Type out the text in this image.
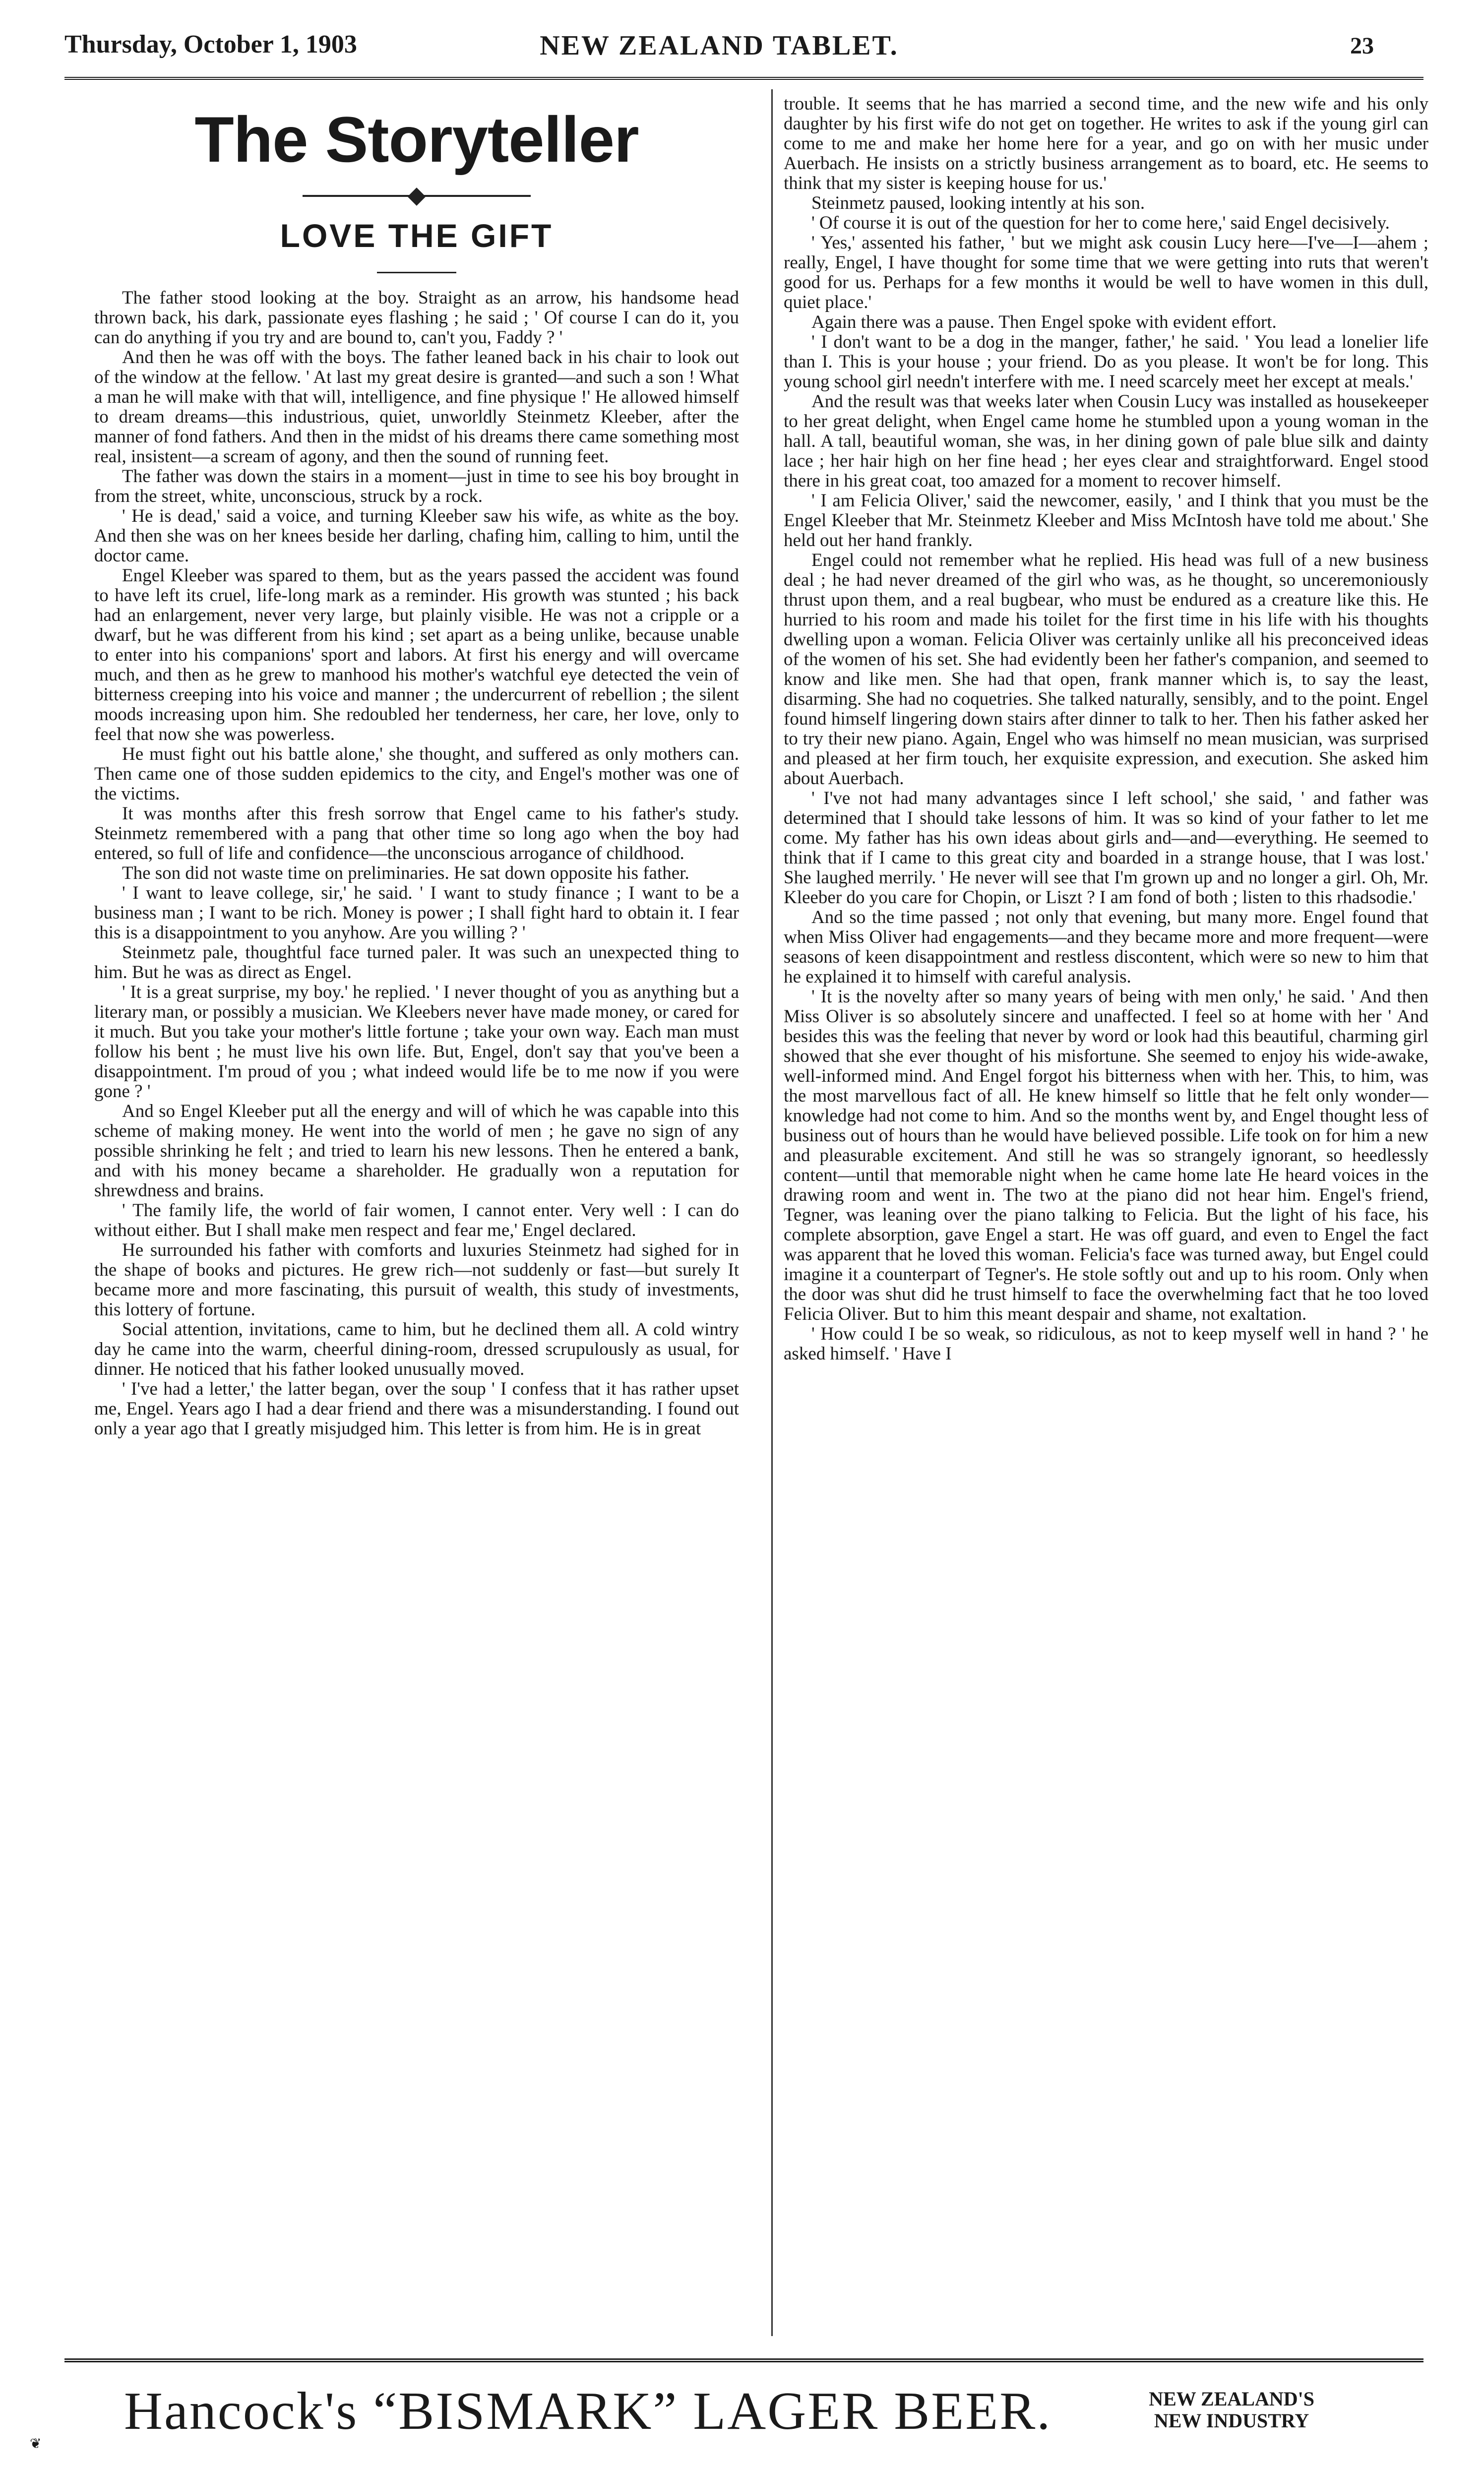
Thursday, October 1, 1903	NEW ZEALAND TABLET.	23
The Storyteller
◆
LOVE THE GIFT

The father stood looking at the boy. Straight as an arrow, his handsome head thrown back, his dark, passionate eyes flashing ; he said ; ' Of course I can do it, you can do anything if you try and are bound to, can't you, Faddy ? '

And then he was off with the boys. The father leaned back in his chair to look out of the window at the fellow. ' At last my great desire is granted—and such a son ! What a man he will make with that will, intelligence, and fine physique !' He allowed himself to dream dreams—this industrious, quiet, unworldly Steinmetz Kleeber, after the manner of fond fathers. And then in the midst of his dreams there came something most real, insistent—a scream of agony, and then the sound of running feet.

The father was down the stairs in a moment—just in time to see his boy brought in from the street, white, unconscious, struck by a rock.

' He is dead,' said a voice, and turning Kleeber saw his wife, as white as the boy. And then she was on her knees beside her darling, chafing him, calling to him, until the doctor came.

Engel Kleeber was spared to them, but as the years passed the accident was found to have left its cruel, life-long mark as a reminder. His growth was stunted ; his back had an enlargement, never very large, but plainly visible. He was not a cripple or a dwarf, but he was different from his kind ; set apart as a being unlike, because unable to enter into his companions' sport and labors. At first his energy and will overcame much, and then as he grew to manhood his mother's watchful eye detected the vein of bitterness creeping into his voice and manner ; the undercurrent of rebellion ; the silent moods increasing upon him. She redoubled her tenderness, her care, her love, only to feel that now she was powerless.

He must fight out his battle alone,' she thought, and suffered as only mothers can. Then came one of those sudden epidemics to the city, and Engel's mother was one of the victims.

It was months after this fresh sorrow that Engel came to his father's study. Steinmetz remembered with a pang that other time so long ago when the boy had entered, so full of life and confidence—the unconscious arrogance of childhood.

The son did not waste time on preliminaries. He sat down opposite his father.

' I want to leave college, sir,' he said. ' I want to study finance ; I want to be a business man ; I want to be rich. Money is power ; I shall fight hard to obtain it. I fear this is a disappointment to you anyhow. Are you willing ? '

Steinmetz pale, thoughtful face turned paler. It was such an unexpected thing to him. But he was as direct as Engel.

' It is a great surprise, my boy.' he replied. ' I never thought of you as anything but a literary man, or possibly a musician. We Kleebers never have made money, or cared for it much. But you take your mother's little fortune ; take your own way. Each man must follow his bent ; he must live his own life. But, Engel, don't say that you've been a disappointment. I'm proud of you ; what indeed would life be to me now if you were gone ? '

And so Engel Kleeber put all the energy and will of which he was capable into this scheme of making money. He went into the world of men ; he gave no sign of any possible shrinking he felt ; and tried to learn his new lessons. Then he entered a bank, and with his money became a shareholder. He gradually won a reputation for shrewdness and brains.

' The family life, the world of fair women, I cannot enter. Very well : I can do without either. But I shall make men respect and fear me,' Engel declared.

He surrounded his father with comforts and luxuries Steinmetz had sighed for in the shape of books and pictures. He grew rich—not suddenly or fast—but surely It became more and more fascinating, this pursuit of wealth, this study of investments, this lottery of fortune.

Social attention, invitations, came to him, but he declined them all. A cold wintry day he came into the warm, cheerful dining-room, dressed scrupulously as usual, for dinner. He noticed that his father looked unusually moved.

' I've had a letter,' the latter began, over the soup ' I confess that it has rather upset me, Engel. Years ago I had a dear friend and there was a misunderstanding. I found out only a year ago that I greatly misjudged him. This letter is from him. He is in great

trouble. It seems that he has married a second time, and the new wife and his only daughter by his first wife do not get on together. He writes to ask if the young girl can come to me and make her home here for a year, and go on with her music under Auerbach. He insists on a strictly business arrangement as to board, etc. He seems to think that my sister is keeping house for us.'

Steinmetz paused, looking intently at his son.

' Of course it is out of the question for her to come here,' said Engel decisively.

' Yes,' assented his father, ' but we might ask cousin Lucy here—I've—I—ahem ; really, Engel, I have thought for some time that we were getting into ruts that weren't good for us. Perhaps for a few months it would be well to have women in this dull, quiet place.'

Again there was a pause. Then Engel spoke with evident effort.

' I don't want to be a dog in the manger, father,' he said. ' You lead a lonelier life than I. This is your house ; your friend. Do as you please. It won't be for long. This young school girl needn't interfere with me. I need scarcely meet her except at meals.'

And the result was that weeks later when Cousin Lucy was installed as housekeeper to her great delight, when Engel came home he stumbled upon a young woman in the hall. A tall, beautiful woman, she was, in her dining gown of pale blue silk and dainty lace ; her hair high on her fine head ; her eyes clear and straightforward. Engel stood there in his great coat, too amazed for a moment to recover himself.

' I am Felicia Oliver,' said the newcomer, easily, ' and I think that you must be the Engel Kleeber that Mr. Steinmetz Kleeber and Miss McIntosh have told me about.' She held out her hand frankly.

Engel could not remember what he replied. His head was full of a new business deal ; he had never dreamed of the girl who was, as he thought, so unceremoniously thrust upon them, and a real bugbear, who must be endured as a creature like this. He hurried to his room and made his toilet for the first time in his life with his thoughts dwelling upon a woman. Felicia Oliver was certainly unlike all his preconceived ideas of the women of his set. She had evidently been her father's companion, and seemed to know and like men. She had that open, frank manner which is, to say the least, disarming. She had no coquetries. She talked naturally, sensibly, and to the point. Engel found himself lingering down stairs after dinner to talk to her. Then his father asked her to try their new piano. Again, Engel who was himself no mean musician, was surprised and pleased at her firm touch, her exquisite expression, and execution. She asked him about Auerbach.

' I've not had many advantages since I left school,' she said, ' and father was determined that I should take lessons of him. It was so kind of your father to let me come. My father has his own ideas about girls and—and—everything. He seemed to think that if I came to this great city and boarded in a strange house, that I was lost.' She laughed merrily. ' He never will see that I'm grown up and no longer a girl. Oh, Mr. Kleeber do you care for Chopin, or Liszt ? I am fond of both ; listen to this rhadsodie.'

And so the time passed ; not only that evening, but many more. Engel found that when Miss Oliver had engagements—and they became more and more frequent—were seasons of keen disappointment and restless discontent, which were so new to him that he explained it to himself with careful analysis.

' It is the novelty after so many years of being with men only,' he said. ' And then Miss Oliver is so absolutely sincere and unaffected. I feel so at home with her ' And besides this was the feeling that never by word or look had this beautiful, charming girl showed that she ever thought of his misfortune. She seemed to enjoy his wide-awake, well-informed mind. And Engel forgot his bitterness when with her. This, to him, was the most marvellous fact of all. He knew himself so little that he felt only wonder—knowledge had not come to him. And so the months went by, and Engel thought less of business out of hours than he would have believed possible. Life took on for him a new and pleasurable excitement. And still he was so strangely ignorant, so heedlessly content—until that memorable night when he came home late He heard voices in the drawing room and went in. The two at the piano did not hear him. Engel's friend, Tegner, was leaning over the piano talking to Felicia. But the light of his face, his complete absorption, gave Engel a start. He was off guard, and even to Engel the fact was apparent that he loved this woman. Felicia's face was turned away, but Engel could imagine it a counterpart of Tegner's. He stole softly out and up to his room. Only when the door was shut did he trust himself to face the overwhelming fact that he too loved Felicia Oliver. But to him this meant despair and shame, not exaltation.

' How could I be so weak, so ridiculous, as not to keep myself well in hand ? ' he asked himself. ' Have I

Hancock's “BISMARK” LAGER BEER.	NEW ZEALAND'S
NEW INDUSTRY
❦
